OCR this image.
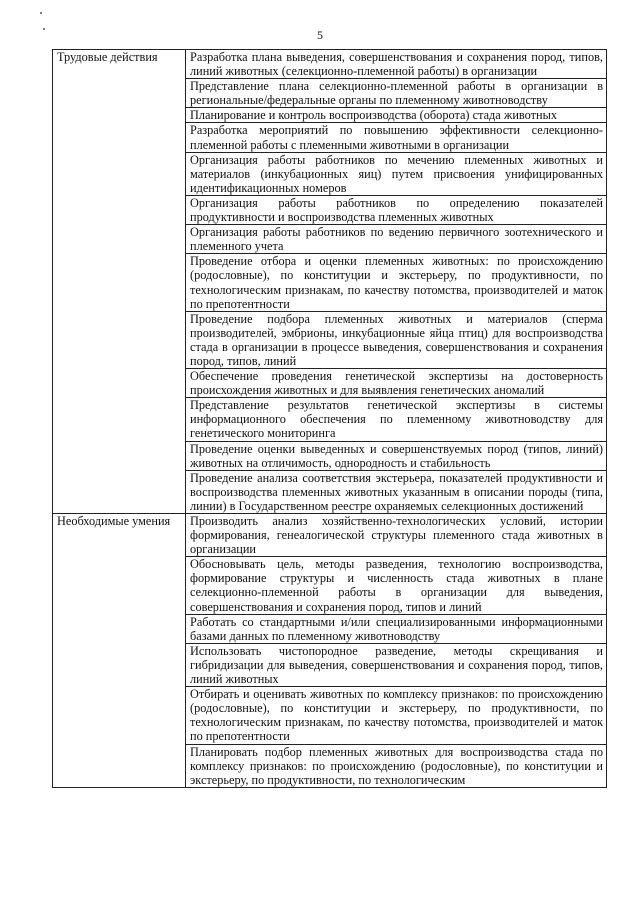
5
Трудовые действия	Разработка плана выведения, совершенствования и сохранения пород, типов, линий животных (селекционно-племенной работы) в организации
	Представление плана селекционно-племенной работы в организации в региональные/федеральные органы по племенному животноводству
	Планирование и контроль воспроизводства (оборота) стада животных
	Разработка мероприятий по повышению эффективности селекционно-племенной работы с племенными животными в организации
	Организация работы работников по мечению племенных животных и материалов (инкубационных яиц) путем присвоения унифицированных идентификационных номеров
	Организация работы работников по определению показателей продуктивности и воспроизводства племенных животных
	Организация работы работников по ведению первичного зоотехнического и племенного учета
	Проведение отбора и оценки племенных животных: по происхождению (родословные), по конституции и экстерьеру, по продуктивности, по технологическим признакам, по качеству потомства, производителей и маток по препотентности
	Проведение подбора племенных животных и материалов (сперма производителей, эмбрионы, инкубационные яйца птиц) для воспроизводства стада в организации в процессе выведения, совершенствования и сохранения пород, типов, линий
	Обеспечение проведения генетической экспертизы на достоверность происхождения животных и для выявления генетических аномалий
	Представление результатов генетической экспертизы в системы информационного обеспечения по племенному животноводству для генетического мониторинга
	Проведение оценки выведенных и совершенствуемых пород (типов, линий) животных на отличимость, однородность и стабильность
	Проведение анализа соответствия экстерьера, показателей продуктивности и воспроизводства племенных животных указанным в описании породы (типа, линии) в Государственном реестре охраняемых селекционных достижений
Необходимые умения	Производить анализ хозяйственно-технологических условий, истории формирования, генеалогической структуры племенного стада животных в организации
	Обосновывать цель, методы разведения, технологию воспроизводства, формирование структуры и численность стада животных в плане селекционно-племенной работы в организации для выведения, совершенствования и сохранения пород, типов и линий
	Работать со стандартными и/или специализированными информационными базами данных по племенному животноводству
	Использовать чистопородное разведение, методы скрещивания и гибридизации для выведения, совершенствования и сохранения пород, типов, линий животных
	Отбирать и оценивать животных по комплексу признаков: по происхождению (родословные), по конституции и экстерьеру, по продуктивности, по технологическим признакам, по качеству потомства, производителей и маток по препотентности
	Планировать подбор племенных животных для воспроизводства стада по комплексу признаков: по происхождению (родословные), по конституции и экстерьеру, по продуктивности, по технологическим
